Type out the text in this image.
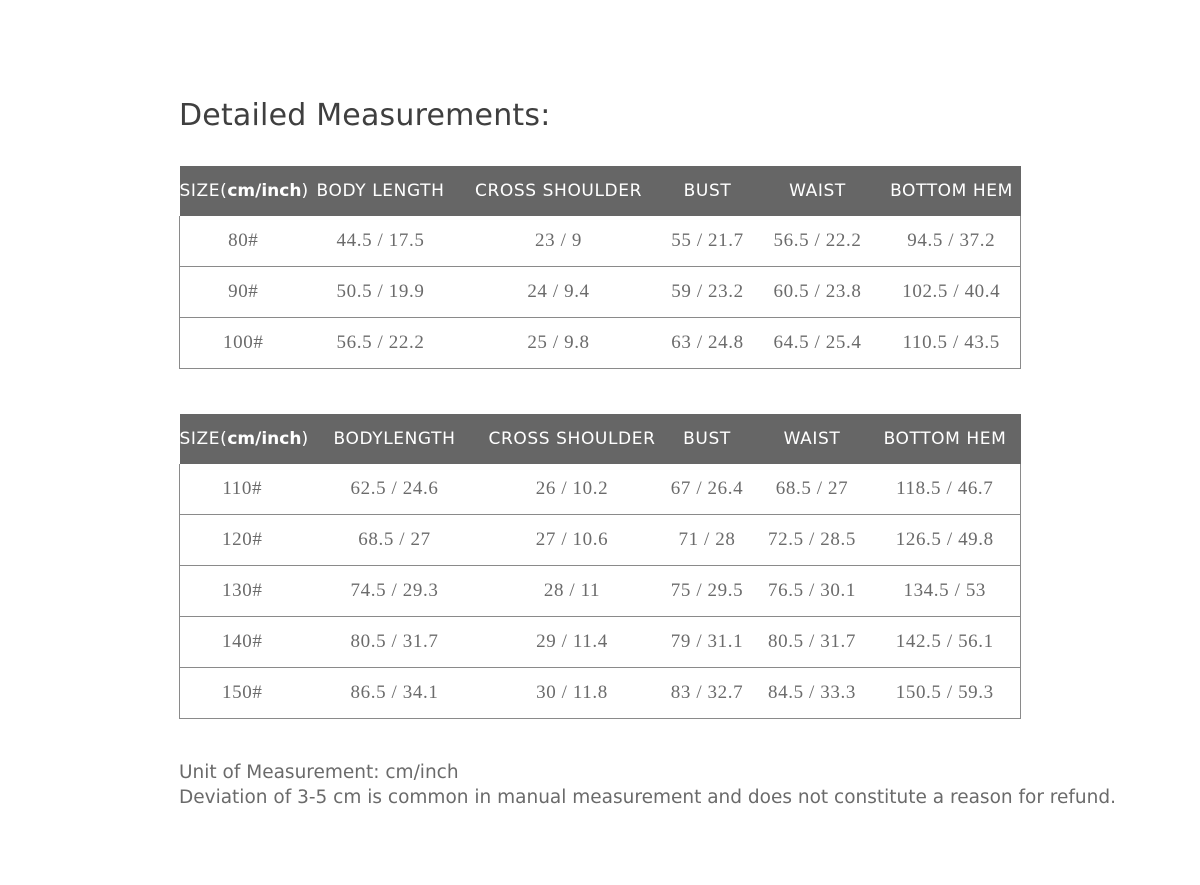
Detailed Measurements:
SIZE(cm/inch)	BODY LENGTH	CROSS SHOULDER	BUST	WAIST	BOTTOM HEM
80#	44.5 / 17.5	23 / 9	55 / 21.7	56.5 / 22.2	94.5 / 37.2
90#	50.5 / 19.9	24 / 9.4	59 / 23.2	60.5 / 23.8	102.5 / 40.4
100#	56.5 / 22.2	25 / 9.8	63 / 24.8	64.5 / 25.4	110.5 / 43.5
SIZE(cm/inch)	BODYLENGTH	CROSS SHOULDER	BUST	WAIST	BOTTOM HEM
110#	62.5 / 24.6	26 / 10.2	67 / 26.4	68.5 / 27	118.5 / 46.7
120#	68.5 / 27	27 / 10.6	71 / 28	72.5 / 28.5	126.5 / 49.8
130#	74.5 / 29.3	28 / 11	75 / 29.5	76.5 / 30.1	134.5 / 53
140#	80.5 / 31.7	29 / 11.4	79 / 31.1	80.5 / 31.7	142.5 / 56.1
150#	86.5 / 34.1	30 / 11.8	83 / 32.7	84.5 / 33.3	150.5 / 59.3
Unit of Measurement: cm/inch
Deviation of 3-5 cm is common in manual measurement and does not constitute a reason for refund.
